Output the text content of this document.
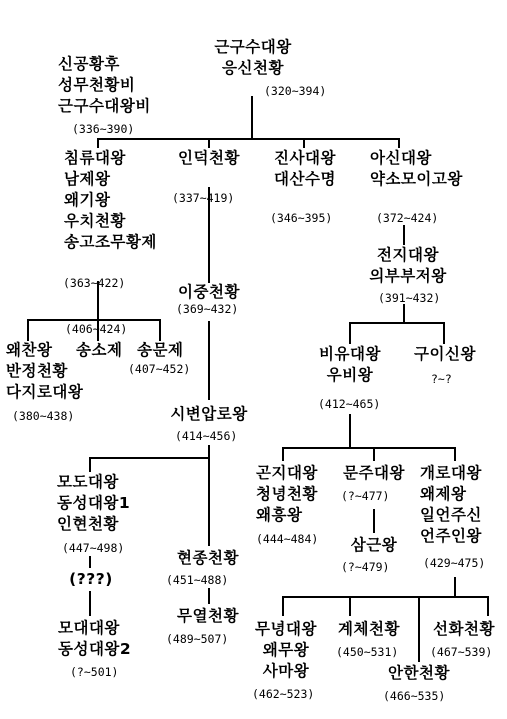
근구수대왕
응신천황
(320~394)
신공황후
성무천황비
근구수대왕비
(336~390)
침류대왕
남제왕
왜기왕
우치천황
송고조무황제
(363~422)
인덕천황
(337~419)
진사대왕
대산수명
(346~395)
아신대왕
약소모이고왕
(372~424)
전지대왕
의부부저왕
(391~432)
이중천황
(369~432)
(406~424)
왜찬왕
반정천황
다지로대왕
(380~438)
송소제 송문제
(407~452)
비유대왕
우비왕
(412~465)
구이신왕
?~?
시변압로왕
(414~456)
모도대왕
동성대왕1
인현천황
(447~498)
(???)
모대대왕
동성대왕2
(?~501)
현종천황
(451~488)
무열천황
(489~507)
곤지대왕
청녕천황
왜흥왕
(444~484)
문주대왕
(?~477)
삼근왕
(?~479)
개로대왕
왜제왕
일언주신
언주인왕
(429~475)
무녕대왕
왜무왕
사마왕
(462~523)
계체천황
(450~531)
안한천황
(466~535)
선화천황
(467~539)
